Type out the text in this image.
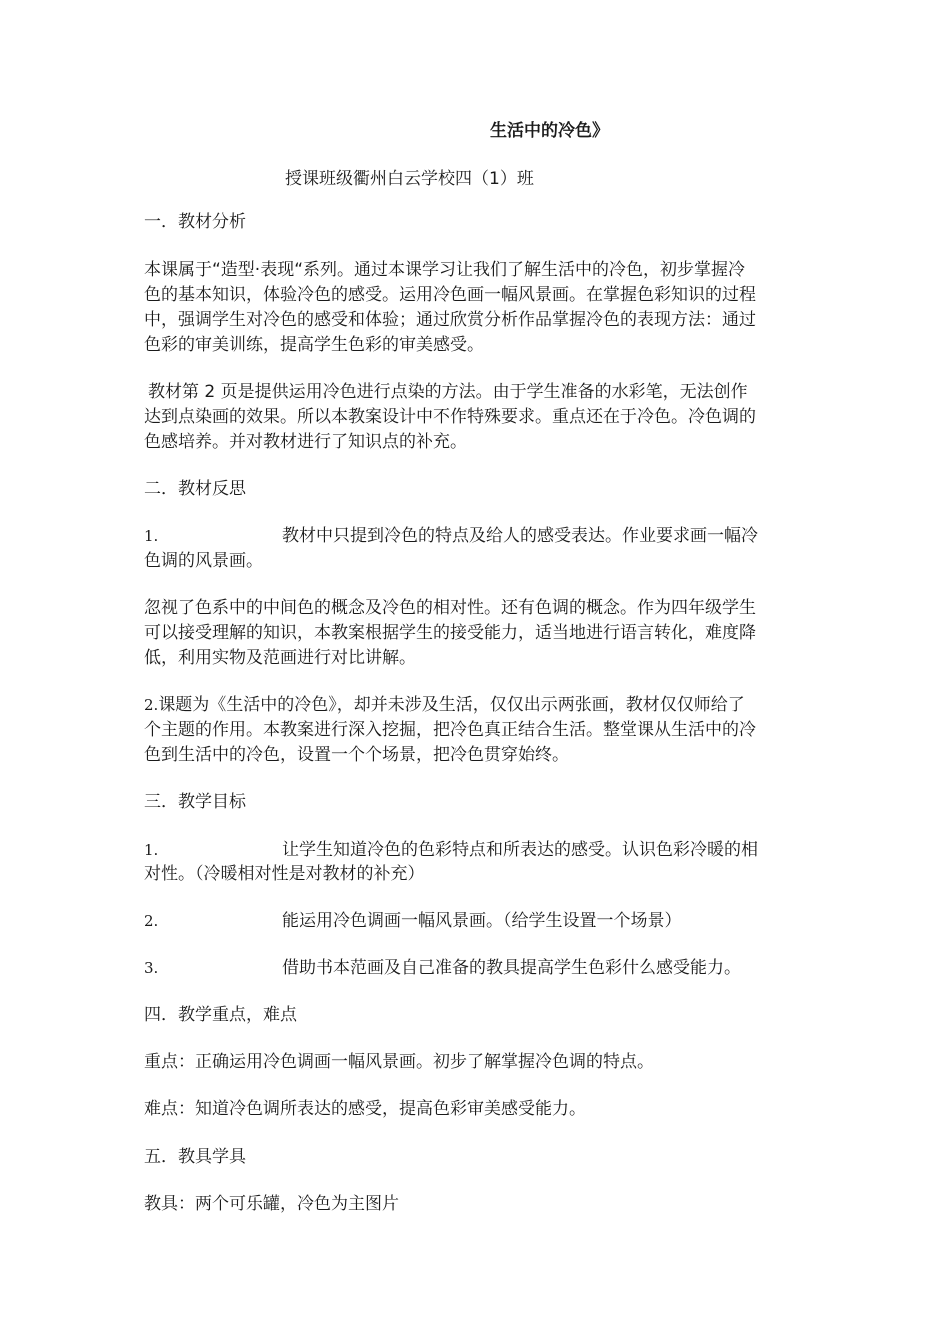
生活中的冷色》
授课班级衢州白云学校四（1）班
一．教材分析
本课属于“造型·表现“系列。通过本课学习让我们了解生活中的冷色，初步掌握冷
色的基本知识，体验冷色的感受。运用冷色画一幅风景画。在掌握色彩知识的过程
中，强调学生对冷色的感受和体验；通过欣赏分析作品掌握冷色的表现方法：通过
色彩的审美训练，提高学生色彩的审美感受。
教材第 2 页是提供运用冷色进行点染的方法。由于学生准备的水彩笔，无法创作
达到点染画的效果。所以本教案设计中不作特殊要求。重点还在于冷色。冷色调的
色感培养。并对教材进行了知识点的补充。
二．教材反思
1.	教材中只提到冷色的特点及给人的感受表达。作业要求画一幅冷
色调的风景画。
忽视了色系中的中间色的概念及冷色的相对性。还有色调的概念。作为四年级学生
可以接受理解的知识，本教案根据学生的接受能力，适当地进行语言转化，难度降
低，利用实物及范画进行对比讲解。
2.课题为《生活中的冷色》，却并未涉及生活，仅仅出示两张画，教材仅仅师给了
个主题的作用。本教案进行深入挖掘，把冷色真正结合生活。整堂课从生活中的冷
色到生活中的冷色，设置一个个场景，把冷色贯穿始终。
三．教学目标
1.	让学生知道冷色的色彩特点和所表达的感受。认识色彩冷暖的相
对性。（冷暖相对性是对教材的补充）
2.	能运用冷色调画一幅风景画。（给学生设置一个场景）
3.	借助书本范画及自己准备的教具提高学生色彩什么感受能力。
四．教学重点，难点
重点：正确运用冷色调画一幅风景画。初步了解掌握冷色调的特点。
难点：知道冷色调所表达的感受，提高色彩审美感受能力。
五．教具学具
教具：两个可乐罐，冷色为主图片
